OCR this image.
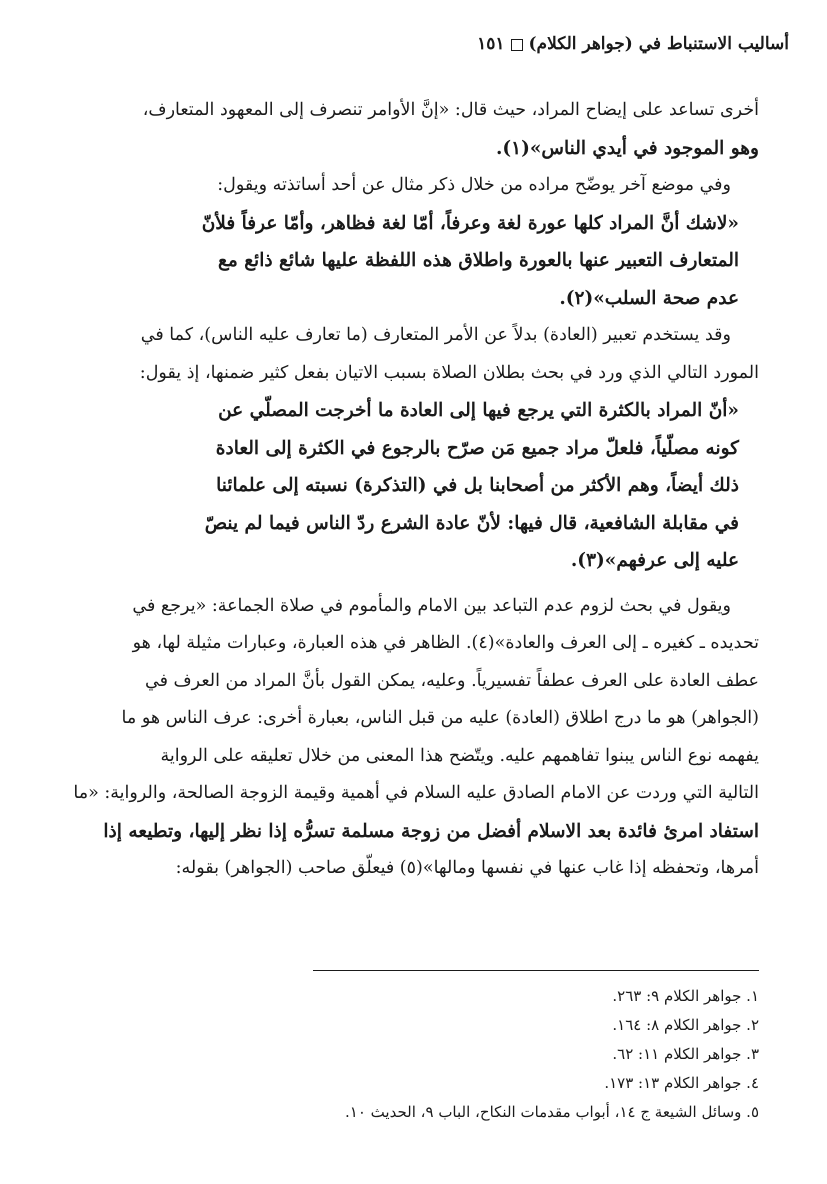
أساليب الاستنباط في (جواهر الكلام)١٥١
أخرى تساعد على إيضاح المراد، حيث قال: «إنَّ الأوامر تنصرف إلى المعهود المتعارف،
وهو الموجود في أيدي الناس»(١).
وفي موضع آخر يوضّح مراده من خلال ذكر مثال عن أحد أساتذته ويقول:
«لاشك أنَّ المراد كلها عورة لغة وعرفاً، أمّا لغة فظاهر، وأمّا عرفاً فلأنّ
المتعارف التعبير عنها بالعورة واطلاق هذه اللفظة عليها شائع ذائع مع
عدم صحة السلب»(٢).
وقد يستخدم تعبير (العادة) بدلاً عن الأمر المتعارف (ما تعارف عليه الناس)، كما في
المورد التالي الذي ورد في بحث بطلان الصلاة بسبب الاتيان بفعل كثير ضمنها، إذ يقول:
«أنّ المراد بالكثرة التي يرجع فيها إلى العادة ما أخرجت المصلّي عن
كونه مصلّياً، فلعلّ مراد جميع مَن صرّح بالرجوع في الكثرة إلى العادة
ذلك أيضاً، وهم الأكثر من أصحابنا بل في (التذكرة) نسبته إلى علمائنا
في مقابلة الشافعية، قال فيها: لأنّ عادة الشرع ردّ الناس فيما لم ينصّ
عليه إلى عرفهم»(٣).
ويقول في بحث لزوم عدم التباعد بين الامام والمأموم في صلاة الجماعة: «يرجع في
تحديده ـ كغيره ـ إلى العرف والعادة»(٤). الظاهر في هذه العبارة، وعبارات مثيلة لها، هو
عطف العادة على العرف عطفاً تفسيرياً. وعليه، يمكن القول بأنَّ المراد من العرف في
(الجواهر) هو ما درج اطلاق (العادة) عليه من قبل الناس، بعبارة أخرى: عرف الناس هو ما
يفهمه نوع الناس يبنوا تفاهمهم عليه. ويتّضح هذا المعنى من خلال تعليقه على الرواية
التالية التي وردت عن الامام الصادق عليه السلام في أهمية وقيمة الزوجة الصالحة، والرواية: «ما
استفاد امرئ فائدة بعد الاسلام أفضل من زوجة مسلمة تسرُّه إذا نظر إليها، وتطيعه إذا
أمرها، وتحفظه إذا غاب عنها في نفسها ومالها»(٥) فيعلّق صاحب (الجواهر) بقوله:
١. جواهر الكلام ٩: ٢٦٣.
٢. جواهر الكلام ٨: ١٦٤.
٣. جواهر الكلام ١١: ٦٢.
٤. جواهر الكلام ١٣: ١٧٣.
٥. وسائل الشيعة ج ١٤، أبواب مقدمات النكاح، الباب ٩، الحديث ١٠.
